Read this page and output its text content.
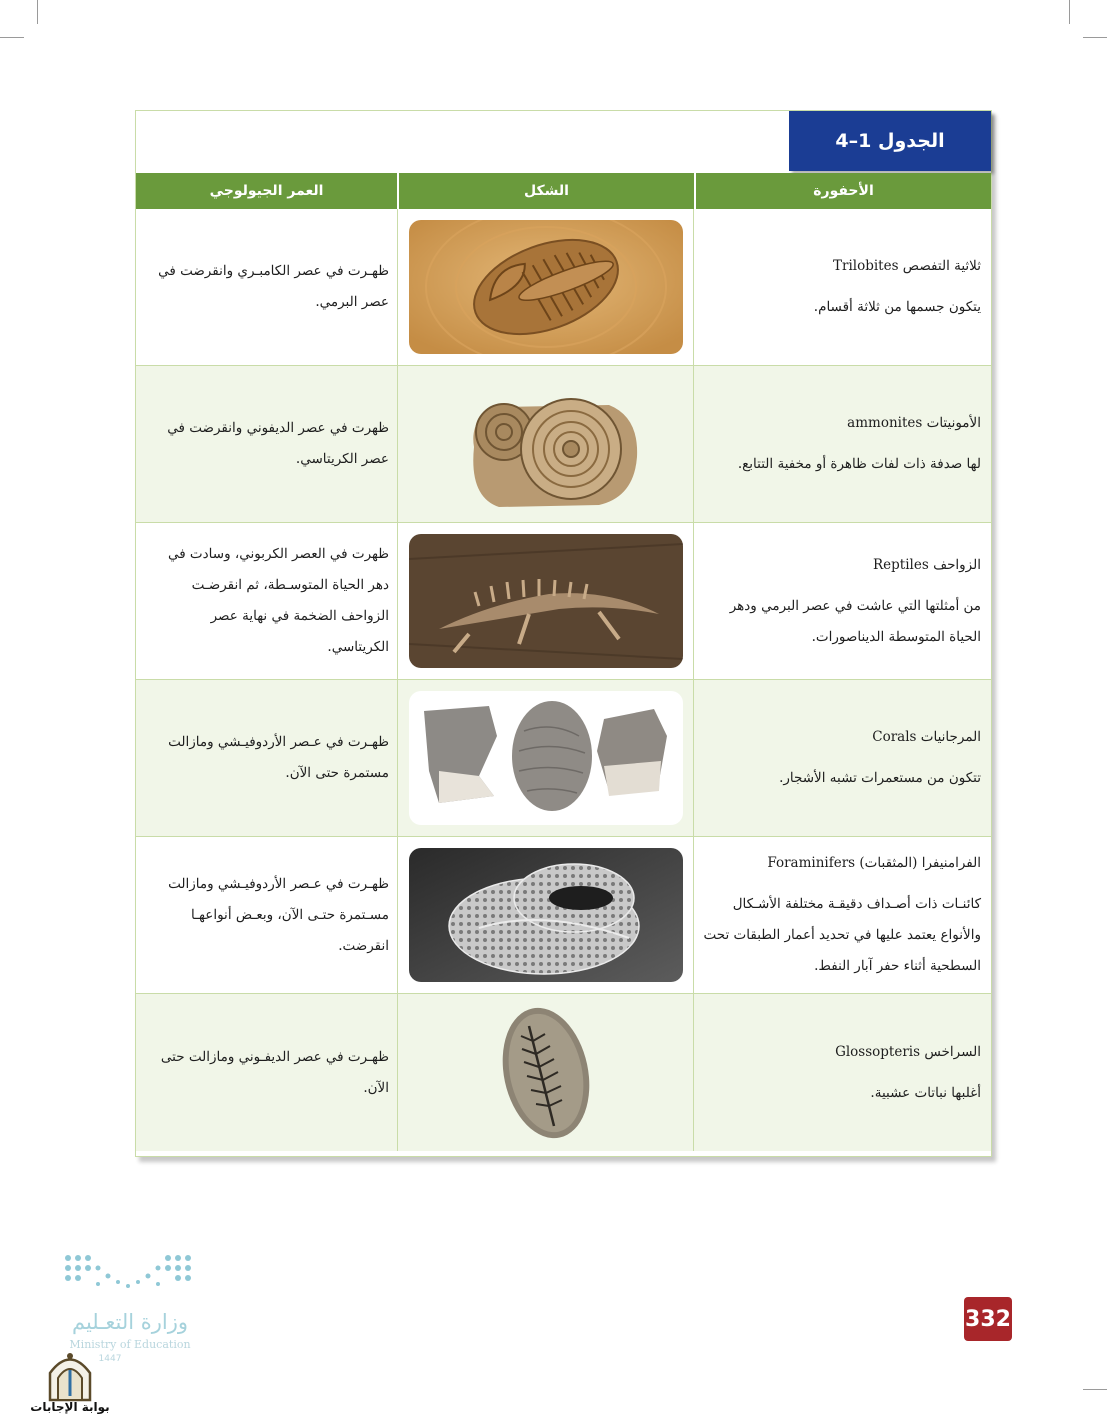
الجدول 1–4
الأحفورة
الشكل
العمر الجيولوجي
ثلاثية التفصص Trilobites
يتكون جسمها من ثلاثة أقسام.
ظهـرت في عصر الكامبـري وانقرضت في عصر البرمي.
الأمونيتات ammonites
لها صدفة ذات لفات ظاهرة أو مخفية التتابع.
ظهرت في عصر الديفوني وانقرضت في عصر الكريتاسي.
الزواحف Reptiles
من أمثلتها التي عاشت في عصر البرمي ودهر الحياة المتوسطة الديناصورات.
ظهرت في العصر الكربوني، وسادت في دهر الحياة المتوسـطة، ثم انقرضـت الزواحف الضخمة في نهاية عصر الكريتاسي.
المرجانيات Corals
تتكون من مستعمرات تشبه الأشجار.
ظهـرت في عـصر الأردوفيـشي ومازالت مستمرة حتى الآن.
الفرامنيفرا (المثقبات) Foraminifers
كائنـات ذات أصـداف دقيقـة مختلفة الأشـكال والأنواع يعتمد عليها في تحديد أعمار الطبقات تحت السطحية أثناء حفر آبار النفط.
ظهـرت في عـصر الأردوفيـشي ومازالت مسـتمرة حتـى الآن، وبعـض أنواعهـا انقرضت.
السراخس Glossopteris
أغلبها نباتات عشبية.
ظهـرت في عصر الديفـوني ومازالت حتى الآن.
وزارة التعـليم
Ministry of Education
1447
بوابة الإجابات
332
